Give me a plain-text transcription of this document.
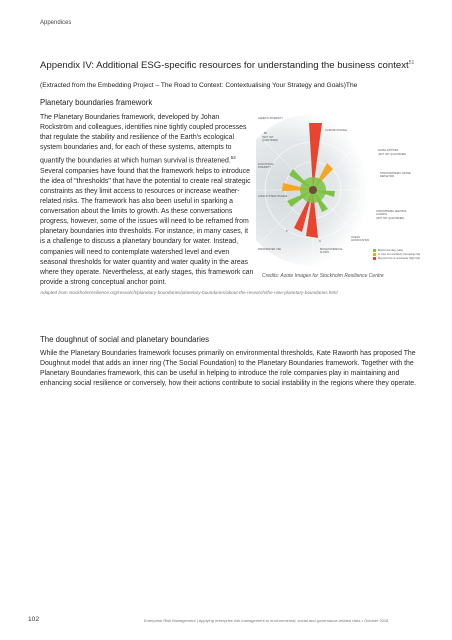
Appendices
Appendix IV: Additional ESG-specific resources for understanding the business context$^{51}$
(Extracted from the Embedding Project – The Road to Context: Contextualising Your Strategy and Goals)The
Planetary boundaries framework

The Planetary Boundaries framework, developed by Johan Rockström and colleagues, identifies nine tightly coupled processes that regulate the stability and resilience of the Earth's ecological system boundaries and, for each of these systems, attempts to quantify the boundaries at which human survival is threatened.$^{52}$ Several companies have found that the framework helps to introduce the idea of "thresholds" that have the potential to create real strategic constraints as they limit access to resources or increase weather-related risks. The framework has also been useful in sparking a conversation about the limits to growth. As these conversations progress, however, some of the issues will need to be reframed from planetary boundaries into thresholds. For instance, in many cases, it is a challenge to discuss a planetary boundary for water. Instead, companies will need to contemplate watershed level and even seasonal thresholds for water quantity and water quality in the areas where they operate. Nevertheless, at early stages, this framework can provide a strong conceptual anchor point.

GENETIC DIVERSITY
BII
(NOT YET QUANTIFIED)
FUNCTIONAL DIVERSITY
CLIMATE CHANGE
NOVEL ENTITIES
(NOT YET QUANTIFIED)
STRATOSPHERIC OZONE DEPLETION
LAND-SYSTEM CHANGE
ATMOSPHERIC AEROSOL LOADING
(NOT YET QUANTIFIED)
FRESHWATER USE
OCEAN ACIDIFICATION
BIOGEOCHEMICAL FLOWS
P
N
Below boundary (safe)
In zone of uncertainty (increasing risk)
Beyond zone of uncertainty (high risk)
Credits: Azote Images for Stockholm Resilience Centre
Adapted from stockholmresilience.org/research/planetary-boundaries/planetary-boundaries/about-the-research/the-nine-planetary-boundaries.html
The doughnut of social and planetary boundaries

While the Planetary Boundaries framework focuses primarily on environmental thresholds, Kate Raworth has proposed The Doughnut model that adds an inner ring (The Social Foundation) to the Planetary Boundaries framework. Together with the Planetary Boundaries framework, this can be useful in helping to introduce the role companies play in maintaining and enhancing social resilience or conversely, how their actions contribute to social instability in the regions where they operate.

102	Enterprise Risk Management | Applying enterprise risk management to environmental, social and governance-related risks • October 2018
